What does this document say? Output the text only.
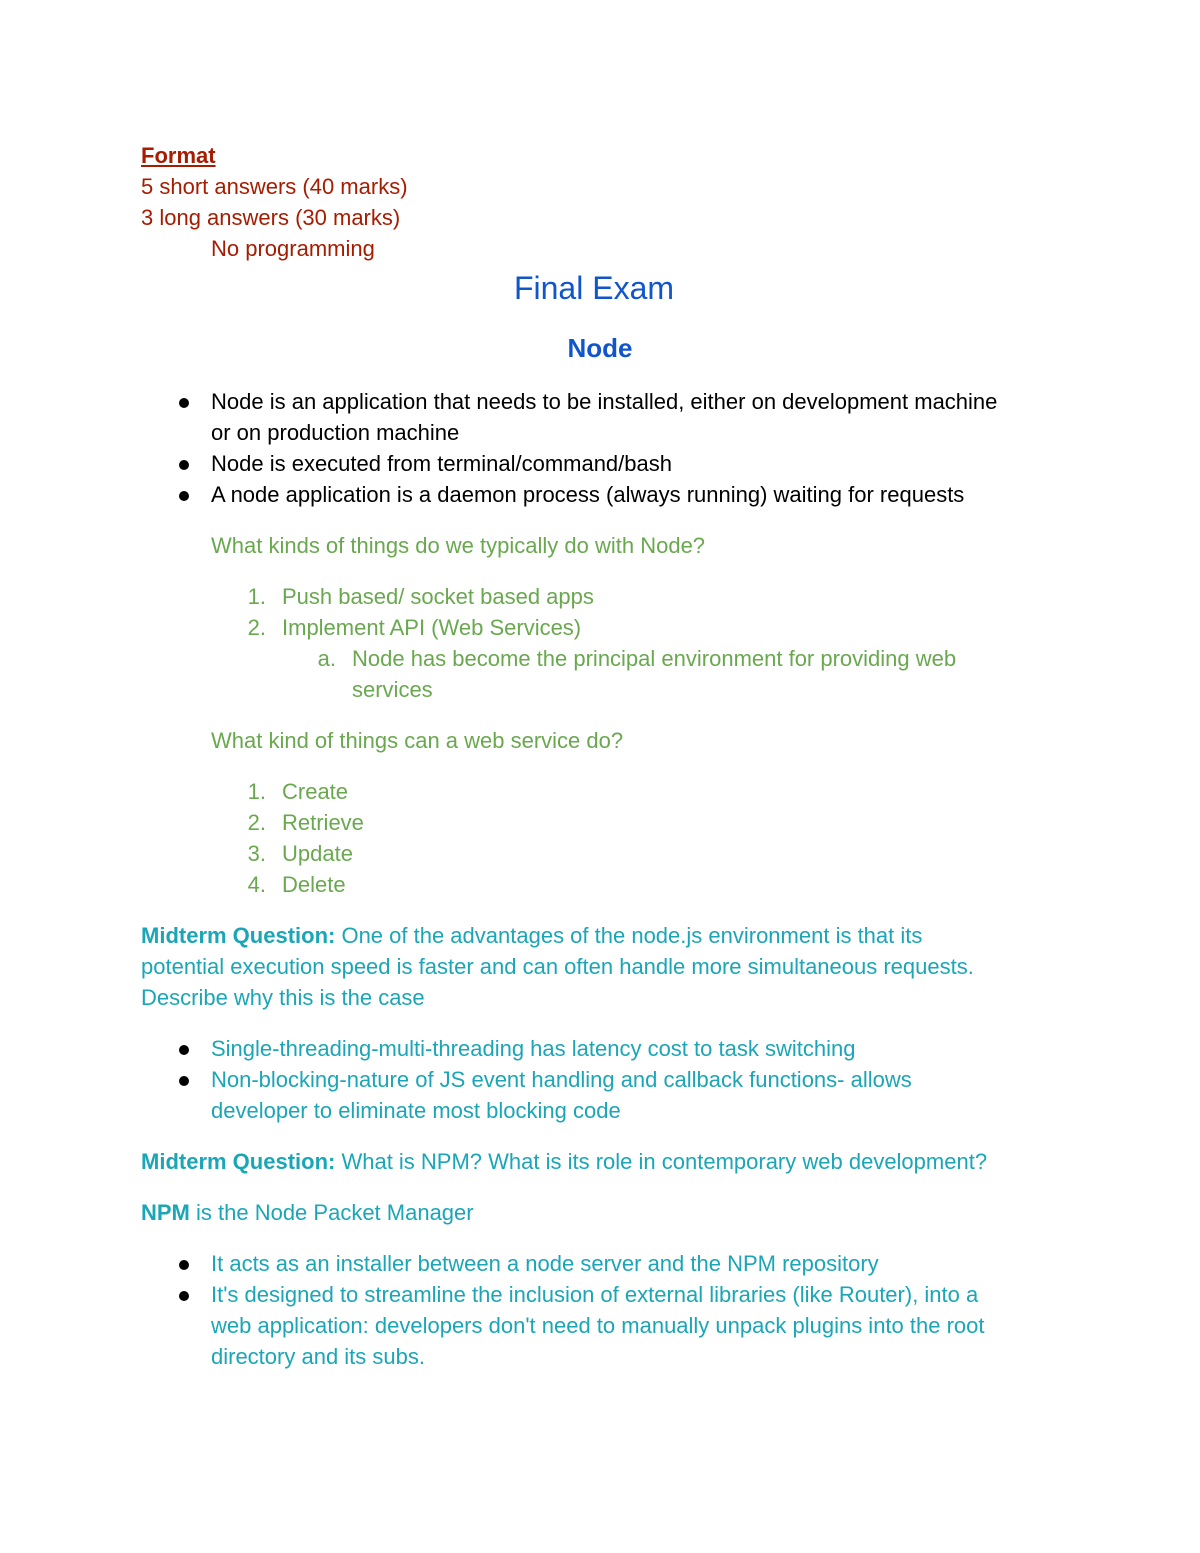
Format
5 short answers (40 marks)
3 long answers (30 marks)
No programming
Final Exam
Node
Node is an application that needs to be installed, either on development machine
or on production machine
Node is executed from terminal/command/bash
A node application is a daemon process (always running) waiting for requests
What kinds of things do we typically do with Node?
1. Push based/ socket based apps
2. Implement API (Web Services)
a. Node has become the principal environment for providing web
services
What kind of things can a web service do?
1. Create
2. Retrieve
3. Update
4. Delete
Midterm Question: One of the advantages of the node.js environment is that its
potential execution speed is faster and can often handle more simultaneous requests.
Describe why this is the case
Single-threading-multi-threading has latency cost to task switching
Non-blocking-nature of JS event handling and callback functions- allows
developer to eliminate most blocking code
Midterm Question: What is NPM? What is its role in contemporary web development?
NPM is the Node Packet Manager
It acts as an installer between a node server and the NPM repository
It's designed to streamline the inclusion of external libraries (like Router), into a
web application: developers don't need to manually unpack plugins into the root
directory and its subs.
